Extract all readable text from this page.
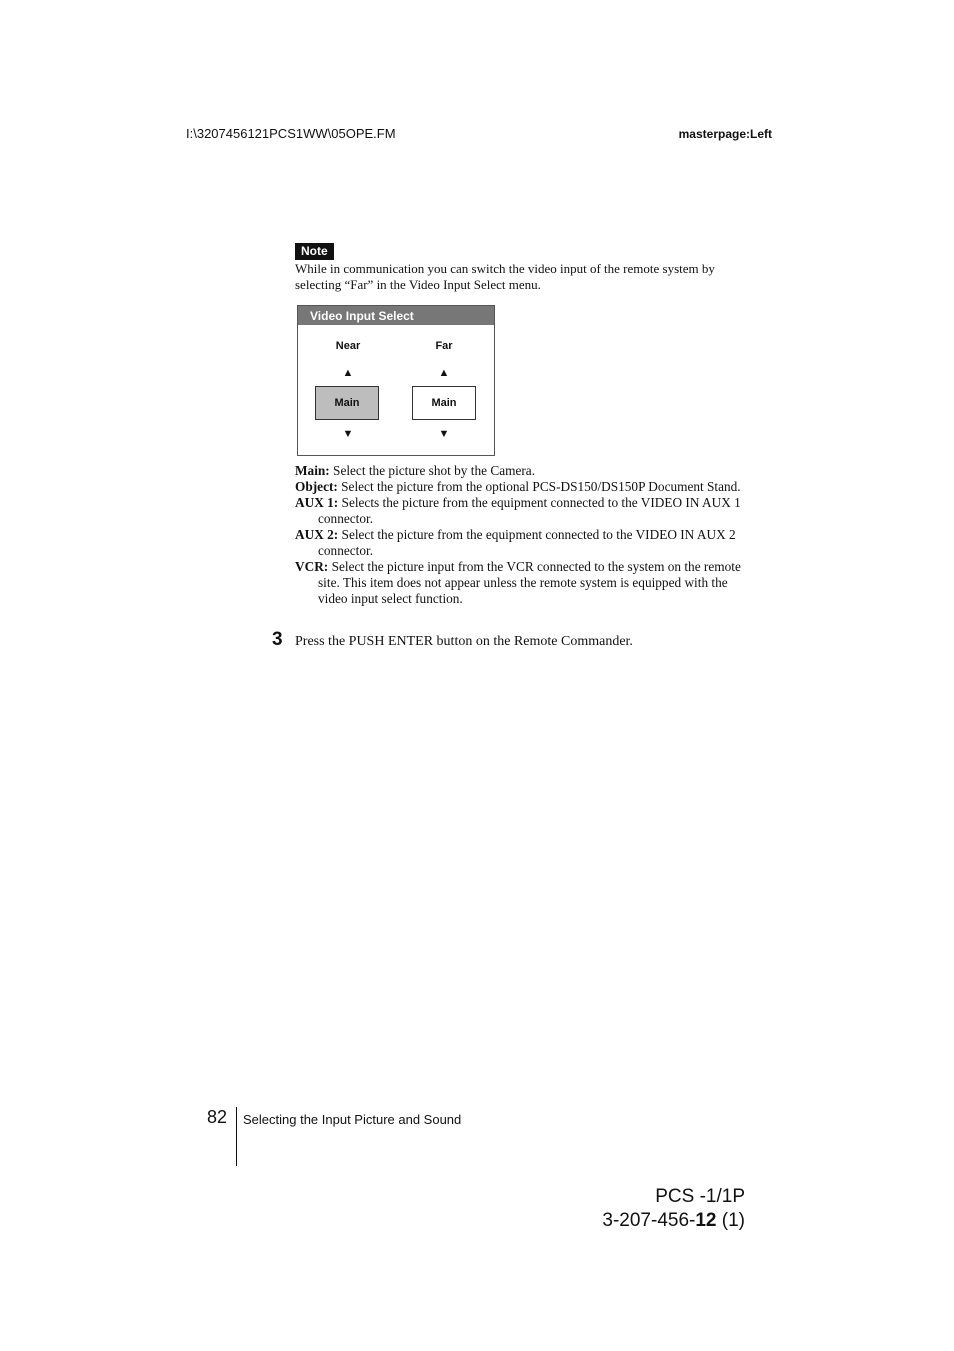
I:\3207456121PCS1WW\05OPE.FM	masterpage:Left
Note
While in communication you can switch the video input of the remote system by selecting “Far” in the Video Input Select menu.
Video Input Select
Near
▲
Main
▼
Far
▲
Main
▼

Main: Select the picture shot by the Camera.

Object: Select the picture from the optional PCS-DS150/DS150P Document Stand.

AUX 1: Selects the picture from the equipment connected to the VIDEO IN AUX 1 connector.

AUX 2: Select the picture from the equipment connected to the VIDEO IN AUX 2 connector.

VCR: Select the picture input from the VCR connected to the system on the remote site. This item does not appear unless the remote system is equipped with the video input select function.

3 Press the PUSH ENTER button on the Remote Commander.
82 Selecting the Input Picture and Sound
PCS -1/1P
3-207-456-12 (1)
